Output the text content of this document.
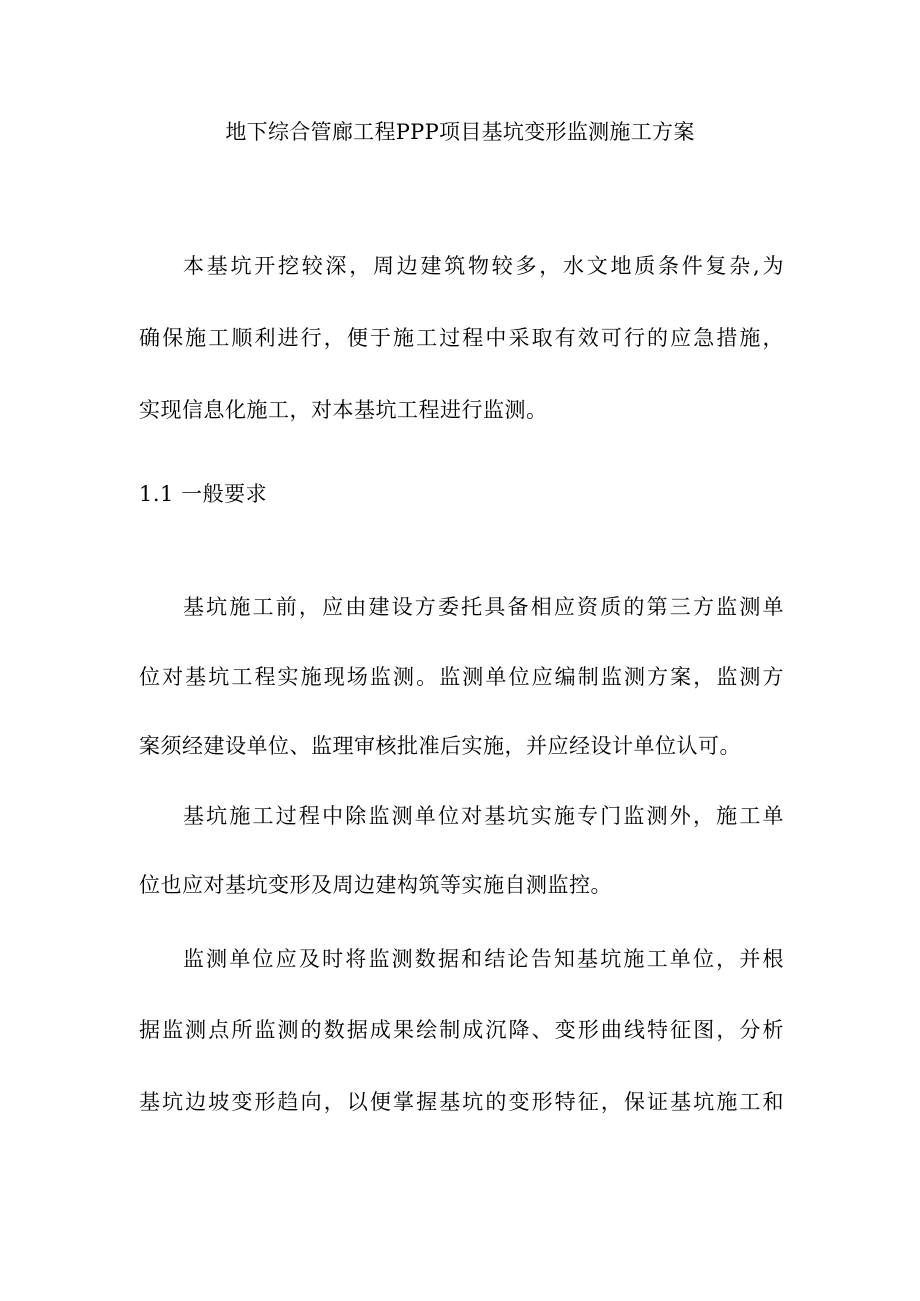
地下综合管廊工程PPP项目基坑变形监测施工方案
本基坑开挖较深，周边建筑物较多，水文地质条件复杂,为
确保施工顺利进行，便于施工过程中采取有效可行的应急措施，
实现信息化施工，对本基坑工程进行监测。
1.1 一般要求
基坑施工前，应由建设方委托具备相应资质的第三方监测单
位对基坑工程实施现场监测。监测单位应编制监测方案，监测方
案须经建设单位、监理审核批准后实施，并应经设计单位认可。
基坑施工过程中除监测单位对基坑实施专门监测外，施工单
位也应对基坑变形及周边建构筑等实施自测监控。
监测单位应及时将监测数据和结论告知基坑施工单位，并根
据监测点所监测的数据成果绘制成沉降、变形曲线特征图，分析
基坑边坡变形趋向，以便掌握基坑的变形特征，保证基坑施工和
